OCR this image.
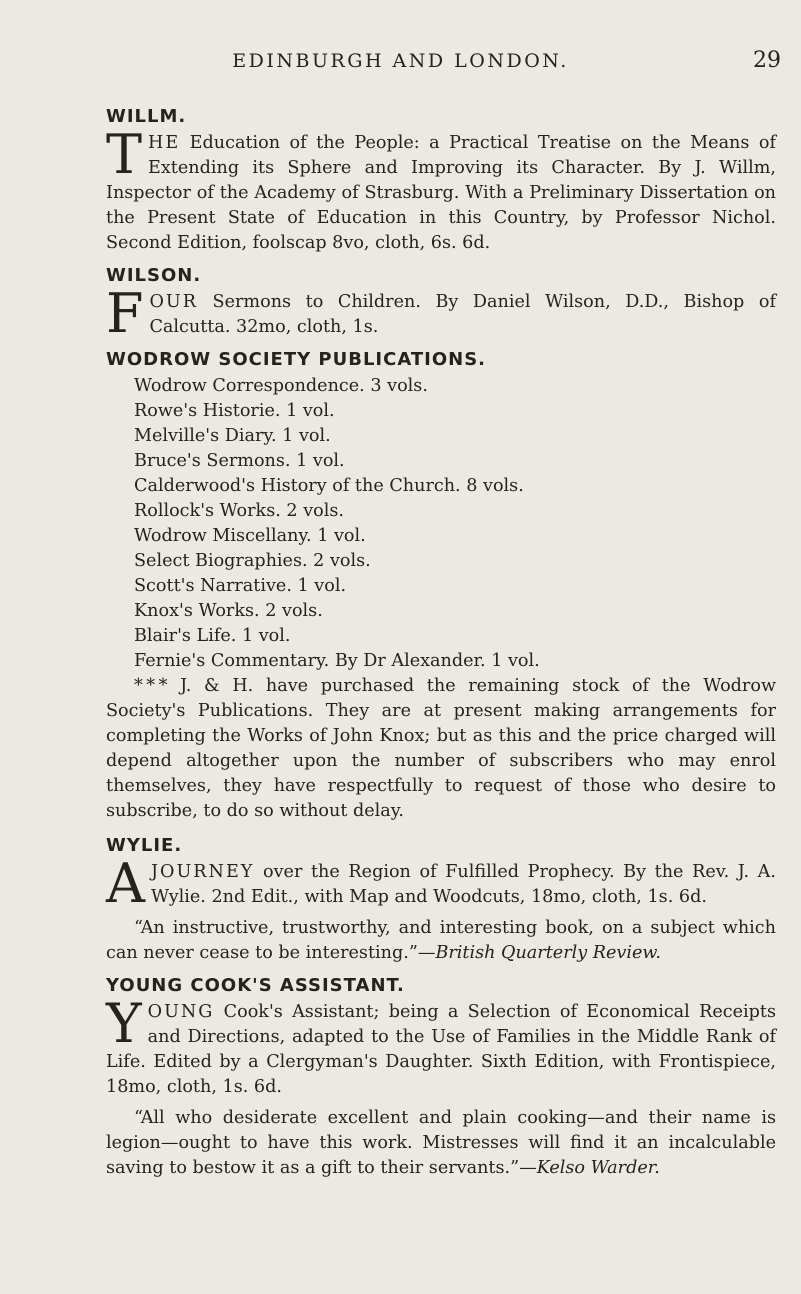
EDINBURGH AND LONDON.	29
WILLM.

THE Education of the People: a Practical Treatise on the Means of Extending its Sphere and Improving its Character. By J. Willm, Inspector of the Academy of Strasburg. With a Preliminary Dissertation on the Present State of Education in this Country, by Professor Nichol. Second Edition, foolscap 8vo, cloth, 6s. 6d.

WILSON.

FOUR Sermons to Children. By Daniel Wilson, D.D., Bishop of Calcutta. 32mo, cloth, 1s.

WODROW SOCIETY PUBLICATIONS.
Wodrow Correspondence. 3 vols.
Rowe's Historie. 1 vol.
Melville's Diary. 1 vol.
Bruce's Sermons. 1 vol.
Calderwood's History of the Church. 8 vols.
Rollock's Works. 2 vols.
Wodrow Miscellany. 1 vol.
Select Biographies. 2 vols.
Scott's Narrative. 1 vol.
Knox's Works. 2 vols.
Blair's Life. 1 vol.
Fernie's Commentary. By Dr Alexander. 1 vol.

* * * J. & H. have purchased the remaining stock of the Wodrow Society's Publications. They are at present making arrangements for completing the Works of John Knox; but as this and the price charged will depend altogether upon the number of subscribers who may enrol themselves, they have respectfully to request of those who desire to subscribe, to do so without delay.

WYLIE.

AJOURNEY over the Region of Fulfilled Prophecy. By the Rev. J. A. Wylie. 2nd Edit., with Map and Woodcuts, 18mo, cloth, 1s. 6d.

“An instructive, trustworthy, and interesting book, on a subject which can never cease to be interesting.”—British Quarterly Review.

YOUNG COOK'S ASSISTANT.

YOUNG Cook's Assistant; being a Selection of Economical Receipts and Directions, adapted to the Use of Families in the Middle Rank of Life. Edited by a Clergyman's Daughter. Sixth Edition, with Frontispiece, 18mo, cloth, 1s. 6d.

“All who desiderate excellent and plain cooking—and their name is legion—ought to have this work. Mistresses will find it an incalculable saving to bestow it as a gift to their servants.”—Kelso Warder.
